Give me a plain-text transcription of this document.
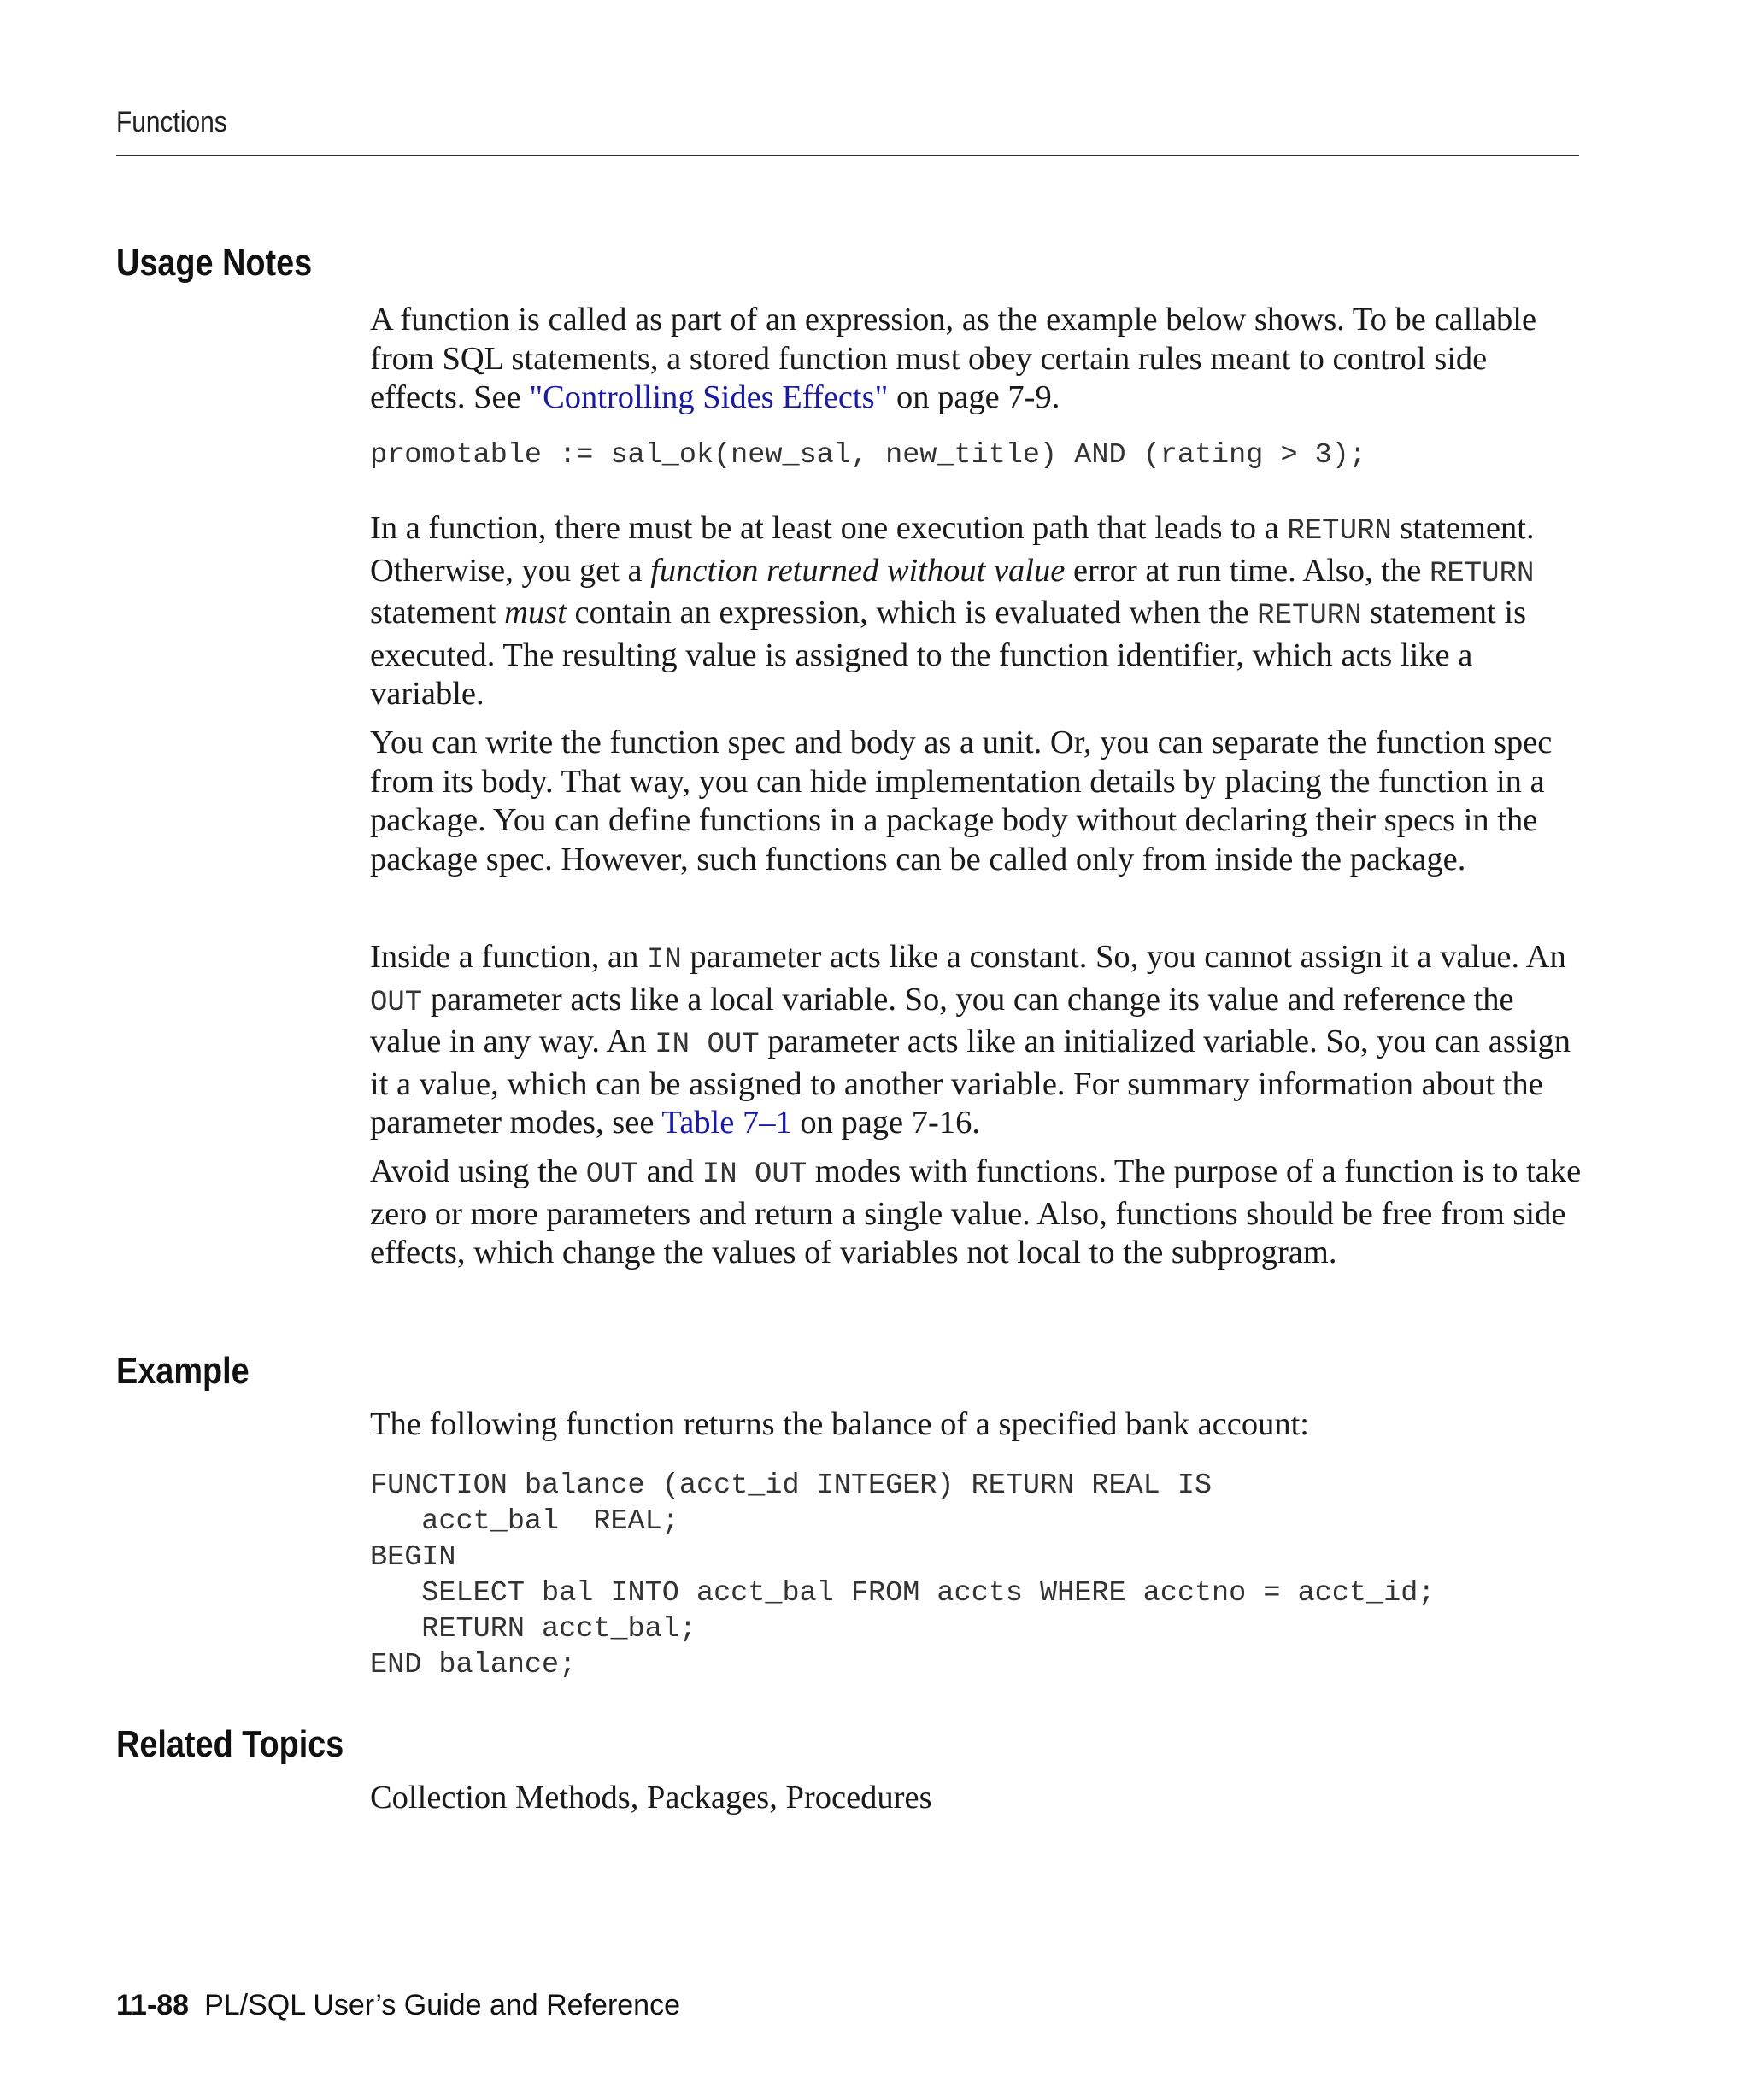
Functions
Usage Notes

A function is called as part of an expression, as the example below shows. To be callable from SQL statements, a stored function must obey certain rules meant to control side effects. See "Controlling Sides Effects" on page 7-9.

promotable := sal_ok(new_sal, new_title) AND (rating > 3);

In a function, there must be at least one execution path that leads to a RETURN statement. Otherwise, you get a function returned without value error at run time. Also, the RETURN statement must contain an expression, which is evaluated when the RETURN statement is executed. The resulting value is assigned to the function identifier, which acts like a variable.

You can write the function spec and body as a unit. Or, you can separate the function spec from its body. That way, you can hide implementation details by placing the function in a package. You can define functions in a package body without declaring their specs in the package spec. However, such functions can be called only from inside the package.

Inside a function, an IN parameter acts like a constant. So, you cannot assign it a value. An OUT parameter acts like a local variable. So, you can change its value and reference the value in any way. An IN OUT parameter acts like an initialized variable. So, you can assign it a value, which can be assigned to another variable. For summary information about the parameter modes, see Table 7–1 on page 7-16.

Avoid using the OUT and IN OUT modes with functions. The purpose of a function is to take zero or more parameters and return a single value. Also, functions should be free from side effects, which change the values of variables not local to the subprogram.

Example

The following function returns the balance of a specified bank account:

FUNCTION balance (acct_id INTEGER) RETURN REAL IS
acct_bal  REAL;
BEGIN
SELECT bal INTO acct_bal FROM accts WHERE acctno = acct_id;
RETURN acct_bal;
END balance;
Related Topics

Collection Methods, Packages, Procedures

11-88 PL/SQL User’s Guide and Reference
